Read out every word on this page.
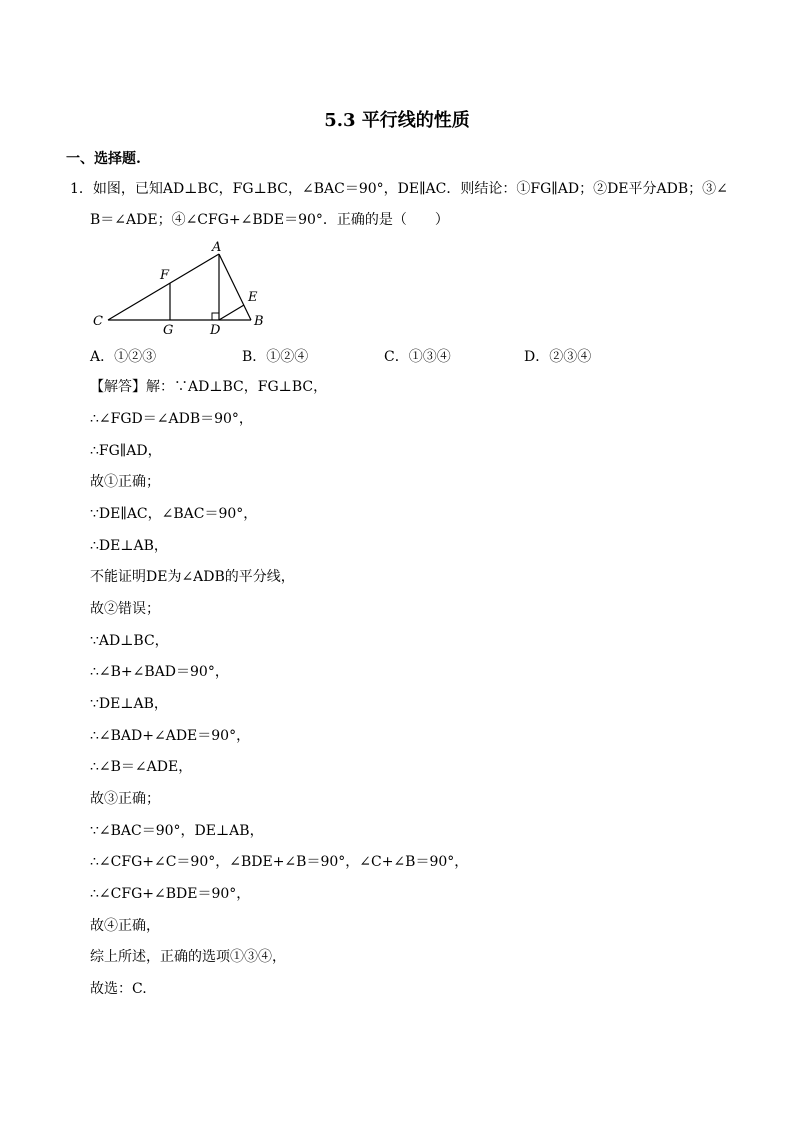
5.3 平行线的性质
一、选择题.
1．如图，已知AD⊥BC，FG⊥BC，∠BAC＝90°，DE∥AC．则结论：①FG∥AD；②DE平分ADB；③∠
B＝∠ADE；④∠CFG+∠BDE＝90°．正确的是（　　）
A
B
C
D
E
F
G
A．①②③	B．①②④	C．①③④	D．②③④
【解答】解：∵AD⊥BC，FG⊥BC，
∴∠FGD＝∠ADB＝90°，
∴FG∥AD，
故①正确；
∵DE∥AC，∠BAC＝90°，
∴DE⊥AB，
不能证明DE为∠ADB的平分线，
故②错误；
∵AD⊥BC，
∴∠B+∠BAD＝90°，
∵DE⊥AB，
∴∠BAD+∠ADE＝90°，
∴∠B＝∠ADE，
故③正确；
∵∠BAC＝90°，DE⊥AB，
∴∠CFG+∠C＝90°，∠BDE+∠B＝90°，∠C+∠B＝90°，
∴∠CFG+∠BDE＝90°，
故④正确，
综上所述，正确的选项①③④，
故选：C.
